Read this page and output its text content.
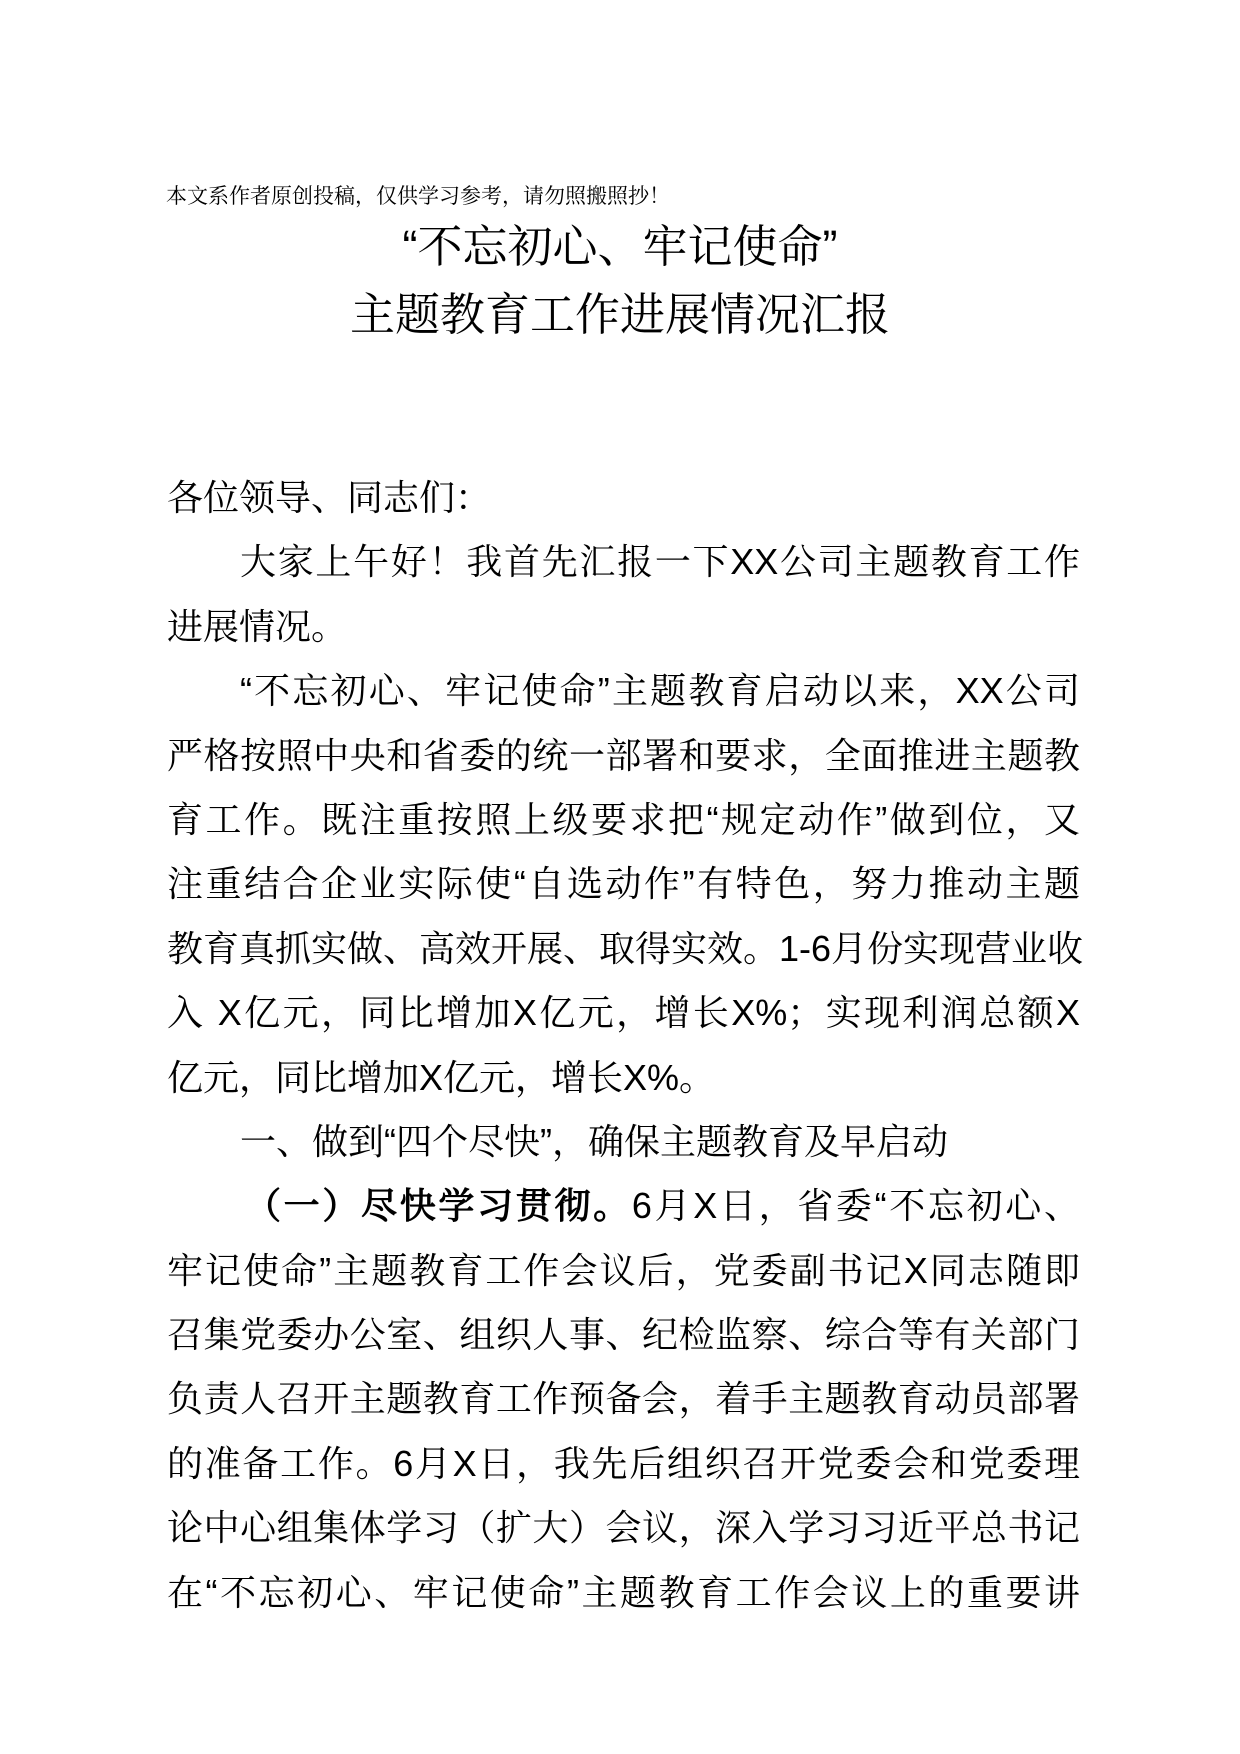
本文系作者原创投稿，仅供学习参考，请勿照搬照抄！
“不忘初心、牢记使命”
主题教育工作进展情况汇报
各位领导、同志们：
大家上午好！我首先汇报一下XX公司主题教育工作
进展情况。
“不忘初心、牢记使命”主题教育启动以来，XX公司
严格按照中央和省委的统一部署和要求，全面推进主题教
育工作。既注重按照上级要求把“规定动作”做到位，又
注重结合企业实际使“自选动作”有特色，努力推动主题
教育真抓实做、高效开展、取得实效。1-6月份实现营业收
入 X亿元，同比增加X亿元，增长X%；实现利润总额X
亿元，同比增加X亿元，增长X%。
一、做到“四个尽快”，确保主题教育及早启动
（一）尽快学习贯彻。6月X日，省委“不忘初心、
牢记使命”主题教育工作会议后，党委副书记X同志随即
召集党委办公室、组织人事、纪检监察、综合等有关部门
负责人召开主题教育工作预备会，着手主题教育动员部署
的准备工作。6月X日，我先后组织召开党委会和党委理
论中心组集体学习（扩大）会议，深入学习习近平总书记
在“不忘初心、牢记使命”主题教育工作会议上的重要讲
